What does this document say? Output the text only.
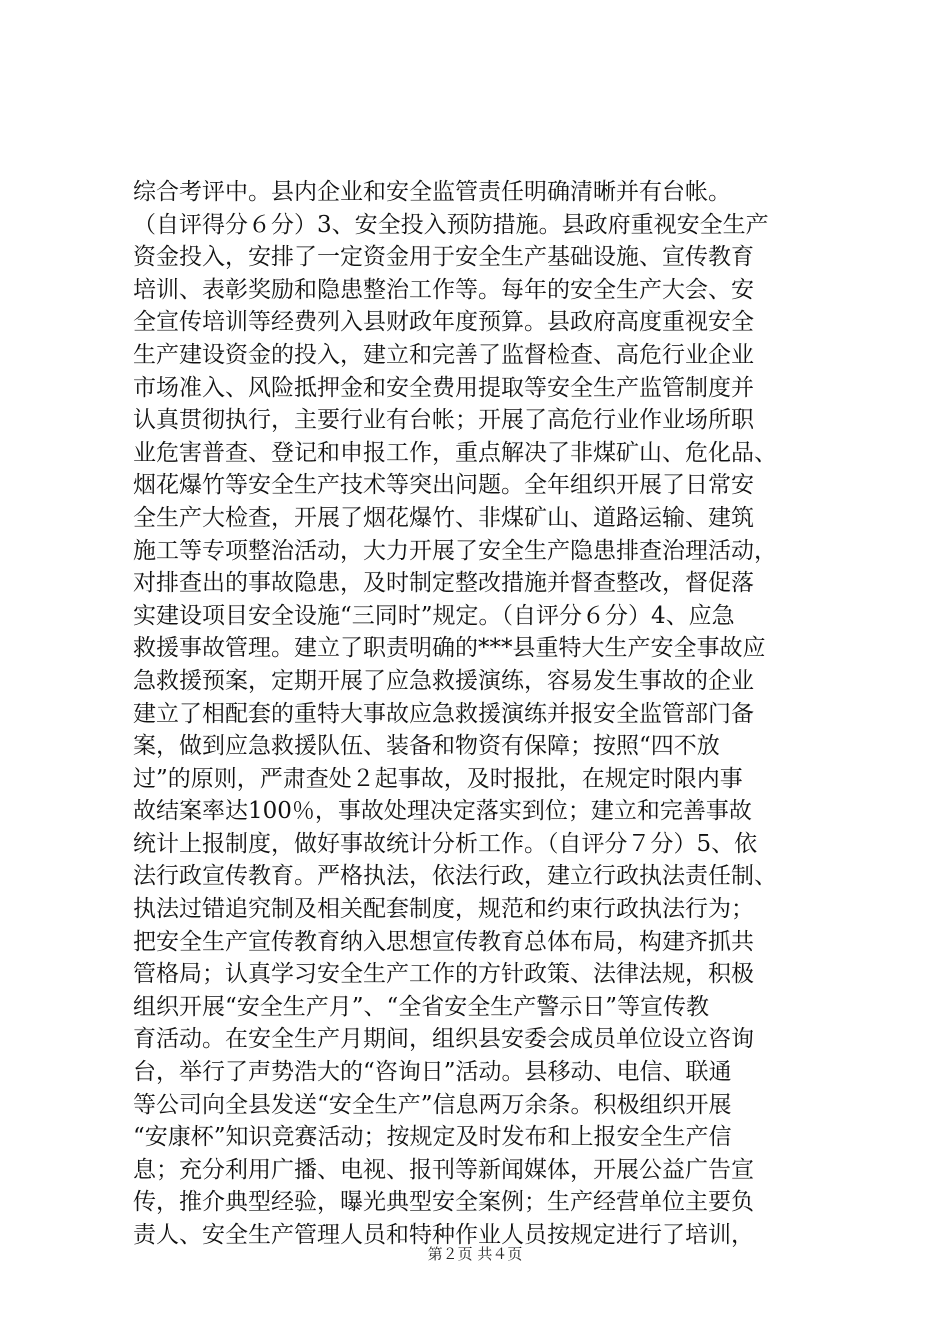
综合考评中。县内企业和安全监管责任明确清晰并有台帐。
（自评得分６分）3、安全投入预防措施。县政府重视安全生产
资金投入，安排了一定资金用于安全生产基础设施、宣传教育
培训、表彰奖励和隐患整治工作等。每年的安全生产大会、安
全宣传培训等经费列入县财政年度预算。县政府高度重视安全
生产建设资金的投入，建立和完善了监督检查、高危行业企业
市场准入、风险抵押金和安全费用提取等安全生产监管制度并
认真贯彻执行，主要行业有台帐；开展了高危行业作业场所职
业危害普查、登记和申报工作，重点解决了非煤矿山、危化品、
烟花爆竹等安全生产技术等突出问题。全年组织开展了日常安
全生产大检查，开展了烟花爆竹、非煤矿山、道路运输、建筑
施工等专项整治活动，大力开展了安全生产隐患排查治理活动，
对排查出的事故隐患，及时制定整改措施并督查整改，督促落
实建设项目安全设施“三同时”规定。（自评分６分）4、应急
救援事故管理。建立了职责明确的***县重特大生产安全事故应
急救援预案，定期开展了应急救援演练，容易发生事故的企业
建立了相配套的重特大事故应急救援演练并报安全监管部门备
案，做到应急救援队伍、装备和物资有保障；按照“四不放
过”的原则，严肃查处２起事故，及时报批，在规定时限内事
故结案率达100％，事故处理决定落实到位；建立和完善事故
统计上报制度，做好事故统计分析工作。（自评分７分）5、依
法行政宣传教育。严格执法，依法行政，建立行政执法责任制、
执法过错追究制及相关配套制度，规范和约束行政执法行为；
把安全生产宣传教育纳入思想宣传教育总体布局，构建齐抓共
管格局；认真学习安全生产工作的方针政策、法律法规，积极
组织开展“安全生产月”、“全省安全生产警示日”等宣传教
育活动。在安全生产月期间，组织县安委会成员单位设立咨询
台，举行了声势浩大的“咨询日”活动。县移动、电信、联通
等公司向全县发送“安全生产”信息两万余条。积极组织开展
“安康杯”知识竞赛活动；按规定及时发布和上报安全生产信
息；充分利用广播、电视、报刊等新闻媒体，开展公益广告宣
传，推介典型经验，曝光典型安全案例；生产经营单位主要负
责人、安全生产管理人员和特种作业人员按规定进行了培训，
第２页 共４页
